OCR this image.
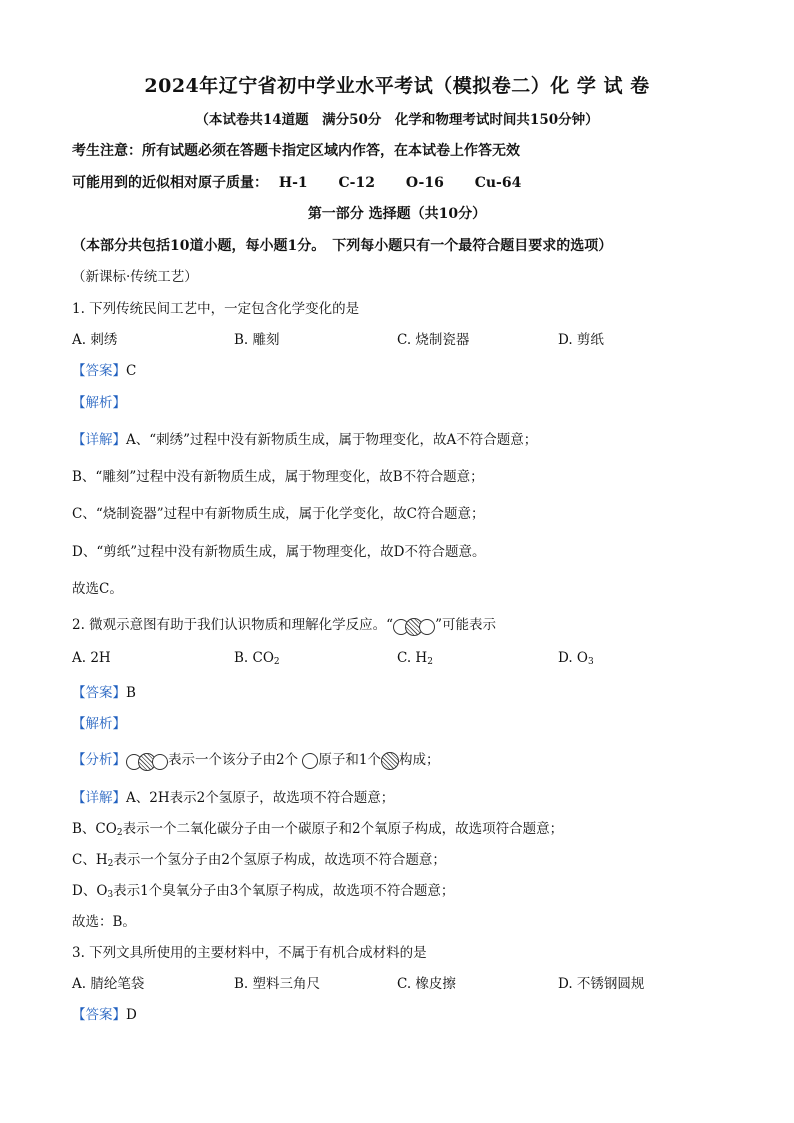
2024年辽宁省初中学业水平考试（模拟卷二）化 学 试 卷
（本试卷共14道题　满分50分　化学和物理考试时间共150分钟）
考生注意：所有试题必须在答题卡指定区域内作答，在本试卷上作答无效
可能用到的近似相对原子质量： H-1 C-12 O-16 Cu-64
第一部分 选择题（共10分）
（本部分共包括10道小题，每小题1分。　下列每小题只有一个最符合题目要求的选项）
（新课标·传统工艺）
1. 下列传统民间工艺中，一定包含化学变化的是
A. 刺绣	B. 雕刻	C. 烧制瓷器	D. 剪纸
【答案】C
【解析】
【详解】A、“刺绣”过程中没有新物质生成，属于物理变化，故A不符合题意；
B、“雕刻”过程中没有新物质生成，属于物理变化，故B不符合题意；
C、“烧制瓷器”过程中有新物质生成，属于化学变化，故C符合题意；
D、“剪纸”过程中没有新物质生成，属于物理变化，故D不符合题意。
故选C。
2. 微观示意图有助于我们认识物质和理解化学反应。“	”可能表示
A. 2H	B. $CO_2$	C. $H_2$	D. $O_3$
【答案】B
【解析】
【分析】	表示一个该分子由2个 原子和1个 构成；
【详解】A、2H表示2个氢原子，故选项不符合题意；
B、$CO_2$表示一个二氧化碳分子由一个碳原子和2个氧原子构成，故选项符合题意；
C、$H_2$表示一个氢分子由2个氢原子构成，故选项不符合题意；
D、$O_3$表示1个臭氧分子由3个氧原子构成，故选项不符合题意；
故选：B。
3. 下列文具所使用的主要材料中，不属于有机合成材料的是
A. 腈纶笔袋	B. 塑料三角尺	C. 橡皮擦	D. 不锈钢圆规
【答案】D
